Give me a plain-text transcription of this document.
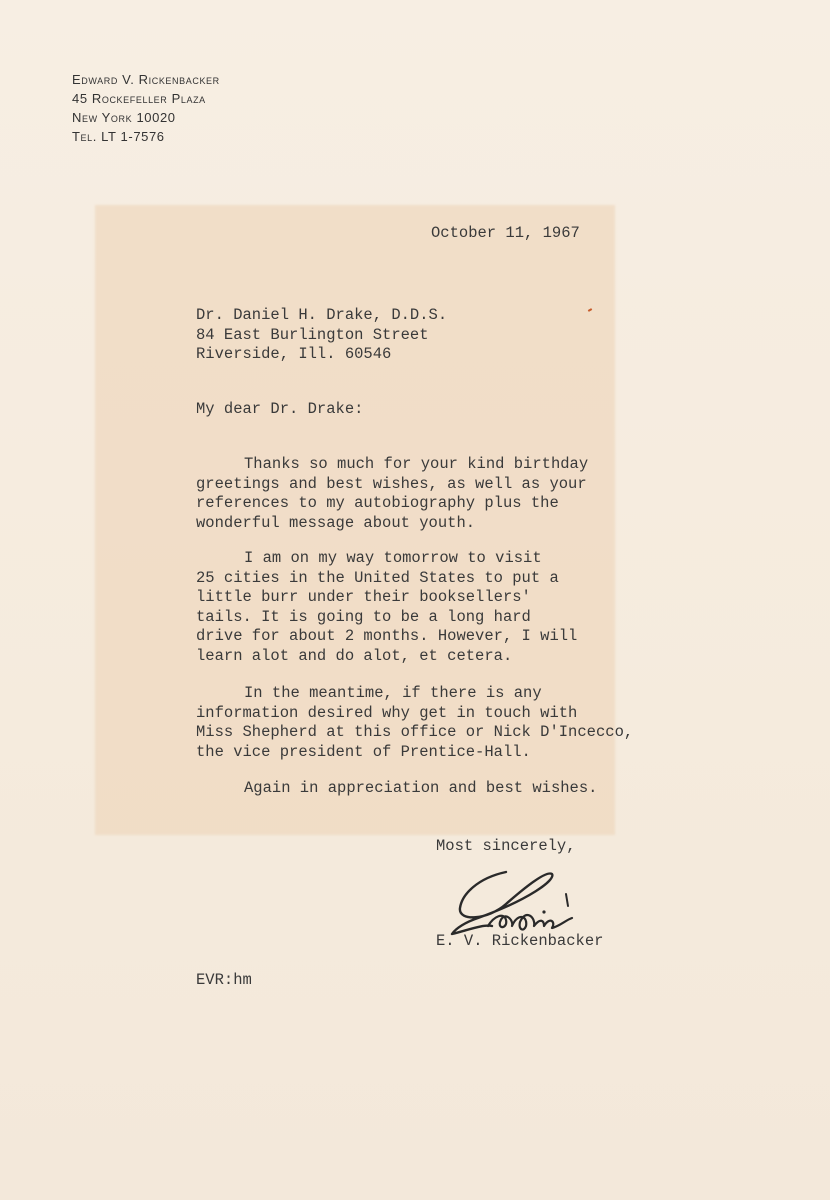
Edward V. Rickenbacker
45 Rockefeller Plaza
New York 10020
Tel. LT 1-7576
October 11, 1967
Dr. Daniel H. Drake, D.D.S.
84 East Burlington Street
Riverside, Ill. 60546
My dear Dr. Drake:
Thanks so much for your kind birthday
greetings and best wishes, as well as your
references to my autobiography plus the
wonderful message about youth.
I am on my way tomorrow to visit
25 cities in the United States to put a
little burr under their booksellers'
tails. It is going to be a long hard
drive for about 2 months. However, I will
learn alot and do alot, et cetera.
In the meantime, if there is any
information desired why get in touch with
Miss Shepherd at this office or Nick D'Incecco,
the vice president of Prentice-Hall.
Again in appreciation and best wishes.
Most sincerely,
E. V. Rickenbacker
EVR:hm
